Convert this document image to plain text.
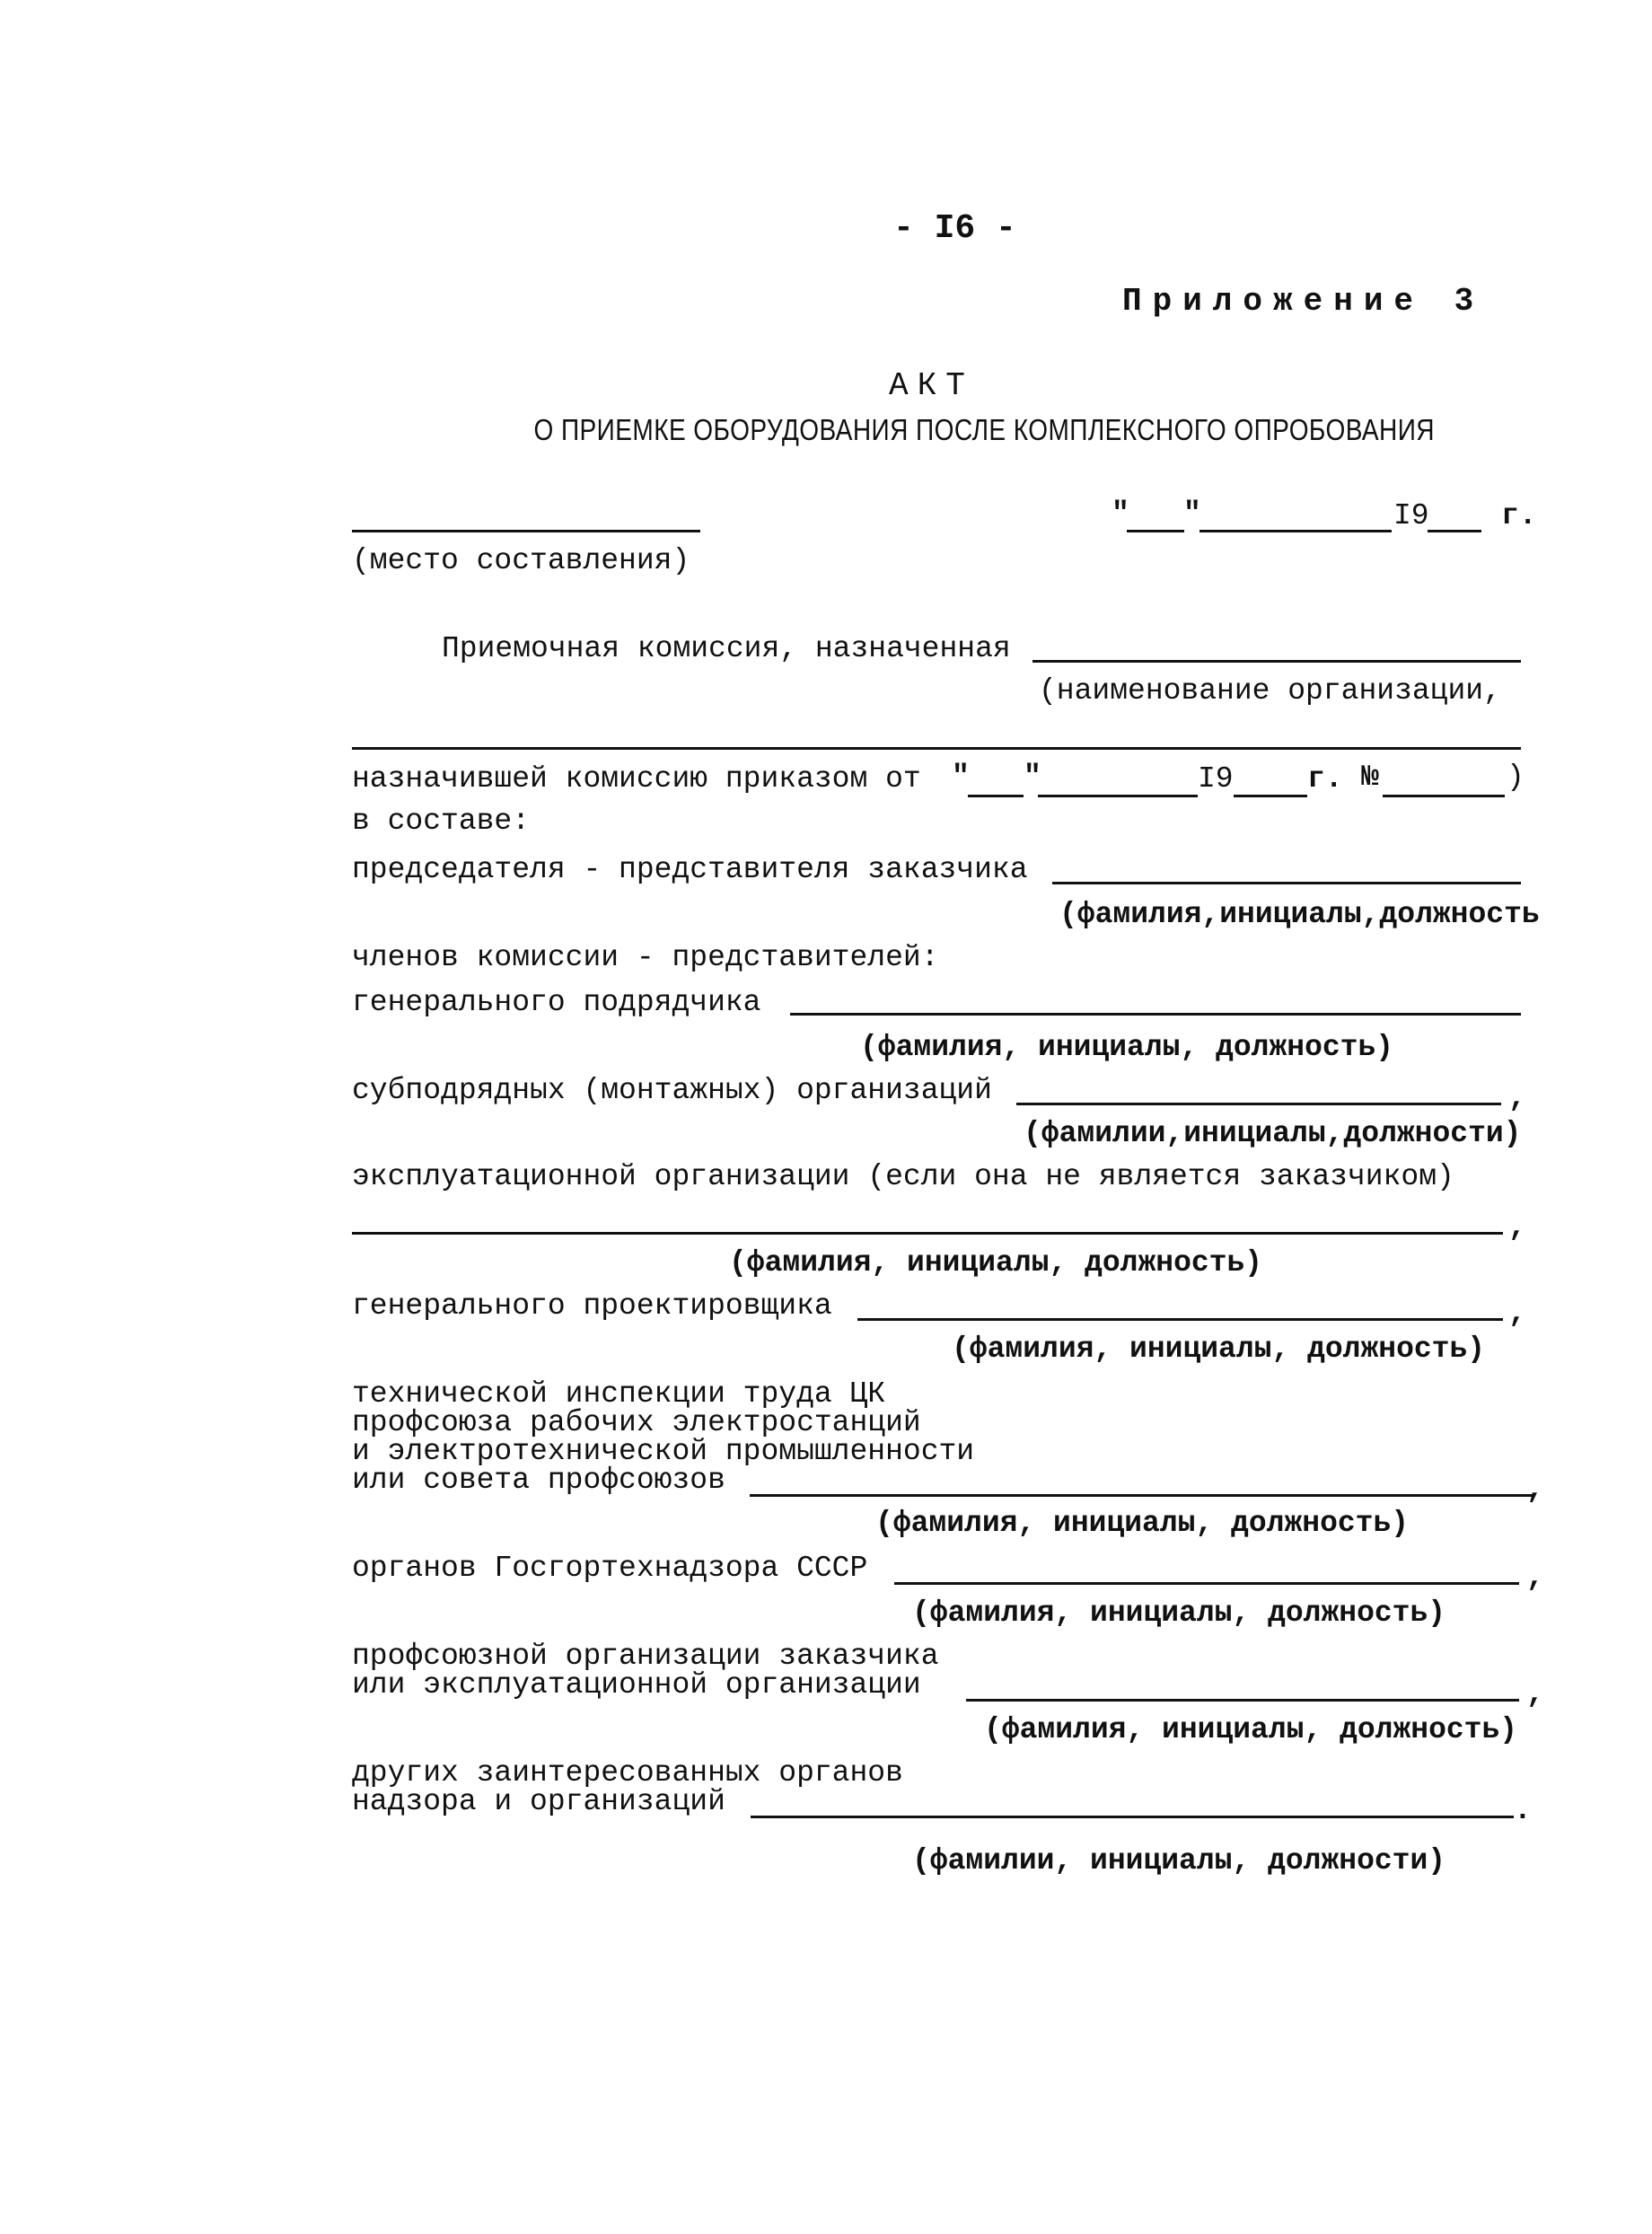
- I6 -
Приложение 3
АКТ
О ПРИЕМКЕ ОБОРУДОВАНИЯ ПОСЛЕ КОМПЛЕКСНОГО ОПРОБОВАНИЯ
(место составления)
" "	I9 г.
Приемочная комиссия, назначенная
(наименование организации,
назначившей комиссию приказом от " "	I9 г. №	)
в составе:
председателя - представителя заказчика
(фамилия,инициалы,должность
членов комиссии - представителей:
генерального подрядчика
(фамилия, инициалы, должность)
субподрядных (монтажных) организаций	,
(фамилии,инициалы,должности)
эксплуатационной организации (если она не является заказчиком)
,
(фамилия, инициалы, должность)
генерального проектировщика	,
(фамилия, инициалы, должность)
технической инспекции труда ЦК
профсоюза рабочих электростанций
и электротехнической промышленности
или совета профсоюзов	,
(фамилия, инициалы, должность)
органов Госгортехнадзора СССР	,
(фамилия, инициалы, должность)
профсоюзной организации заказчика
или эксплуатационной организации	,
(фамилия, инициалы, должность)
других заинтересованных органов
надзора и организаций	.
(фамилии, инициалы, должности)
